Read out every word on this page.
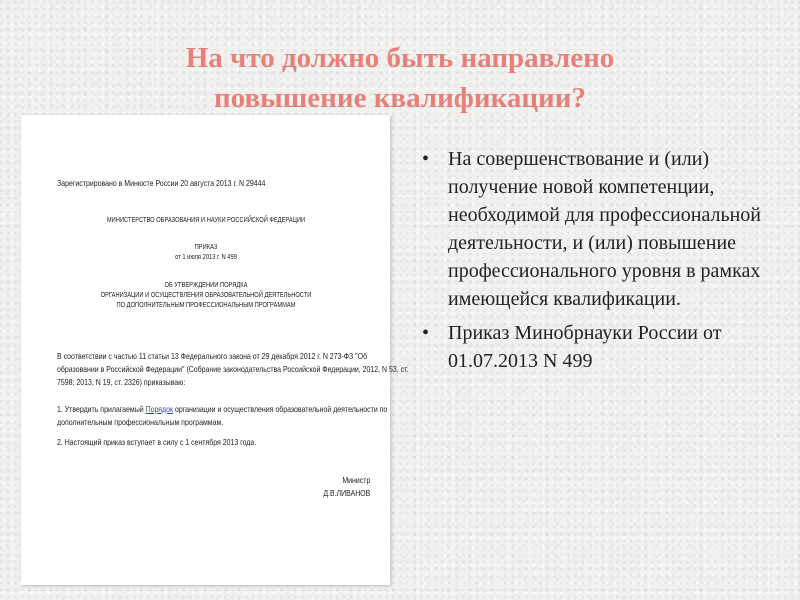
На что должно быть направлено
повышение квалификации?
Зарегистрировано в Минюсте России 20 августа 2013 г. N 29444
МИНИСТЕРСТВО ОБРАЗОВАНИЯ И НАУКИ РОССИЙСКОЙ ФЕДЕРАЦИИ
ПРИКАЗ
от 1 июля 2013 г. N 499
ОБ УТВЕРЖДЕНИИ ПОРЯДКА
ОРГАНИЗАЦИИ И ОСУЩЕСТВЛЕНИЯ ОБРАЗОВАТЕЛЬНОЙ ДЕЯТЕЛЬНОСТИ
ПО ДОПОЛНИТЕЛЬНЫМ ПРОФЕССИОНАЛЬНЫМ ПРОГРАММАМ
В соответствии с частью 11 статьи 13 Федерального закона от 29 декабря 2012 г. N 273-ФЗ "Об
образовании в Российской Федерации" (Собрание законодательства Российской Федерации, 2012, N 53, ст.
7598; 2013, N 19, ст. 2326) приказываю:
1. Утвердить прилагаемый Порядок организации и осуществления образовательной деятельности по
дополнительным профессиональным программам.
2. Настоящий приказ вступает в силу с 1 сентября 2013 года.
Министр
Д.В.ЛИВАНОВ
• На совершенствование и (или) получение новой компетенции, необходимой для профессиональной деятельности, и (или) повышение профессионального уровня в рамках имеющейся квалификации.
• Приказ Минобрнауки России от 01.07.2013 N 499
